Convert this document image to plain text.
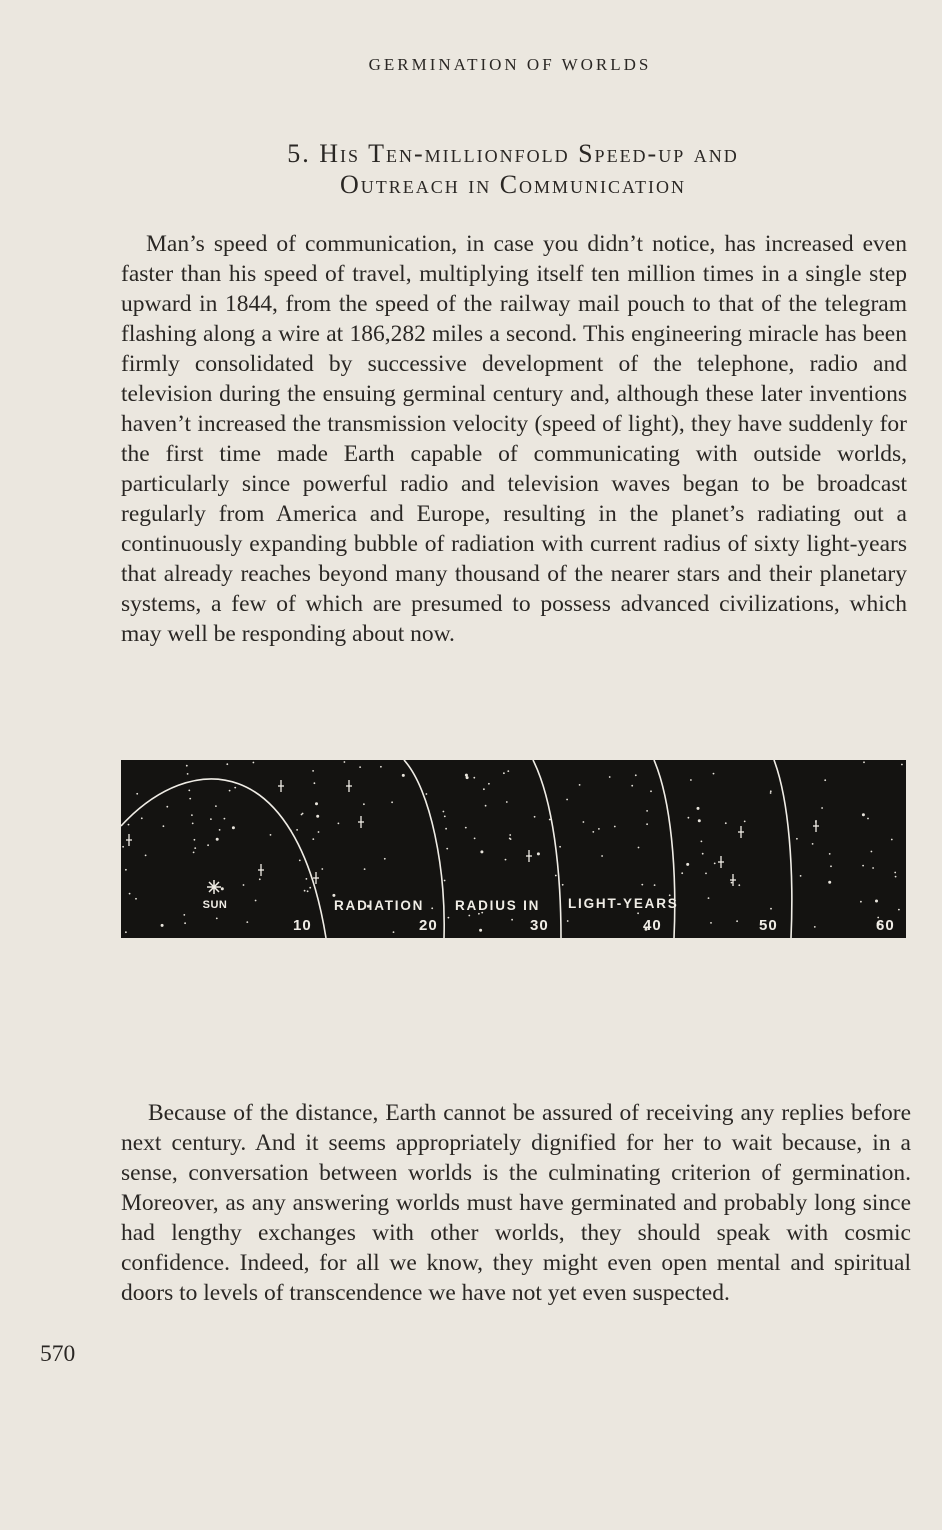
GERMINATION OF WORLDS
5. His Ten-millionfold Speed-up and
Outreach in Communication

Man’s speed of communication, in case you didn’t notice, has increased even faster than his speed of travel, multiplying itself ten million times in a single step upward in 1844, from the speed of the railway mail pouch to that of the telegram flashing along a wire at 186,282 miles a second. This engineering miracle has been firmly consolidated by successive development of the telephone, radio and television during the ensuing germinal century and, although these later inventions haven’t increased the transmission velocity (speed of light), they have suddenly for the first time made Earth capable of communicating with outside worlds, particularly since powerful radio and television waves began to be broadcast regularly from America and Europe, resulting in the planet’s radiating out a continuously expanding bubble of radiation with current radius of sixty light-years that already reaches beyond many thousand of the nearer stars and their planetary systems, a few of which are presumed to possess advanced civilizations, which may well be responding about now.

SUN	RADIATION RADIUS IN LIGHT-YEARS
10	20	30	40	50	60

Because of the distance, Earth cannot be assured of receiving any replies before next century. And it seems appropriately dignified for her to wait because, in a sense, conversation between worlds is the culminating criterion of germination. Moreover, as any answering worlds must have germinated and probably long since had lengthy exchanges with other worlds, they should speak with cosmic confidence. Indeed, for all we know, they might even open mental and spiritual doors to levels of transcendence we have not yet even suspected.

570
